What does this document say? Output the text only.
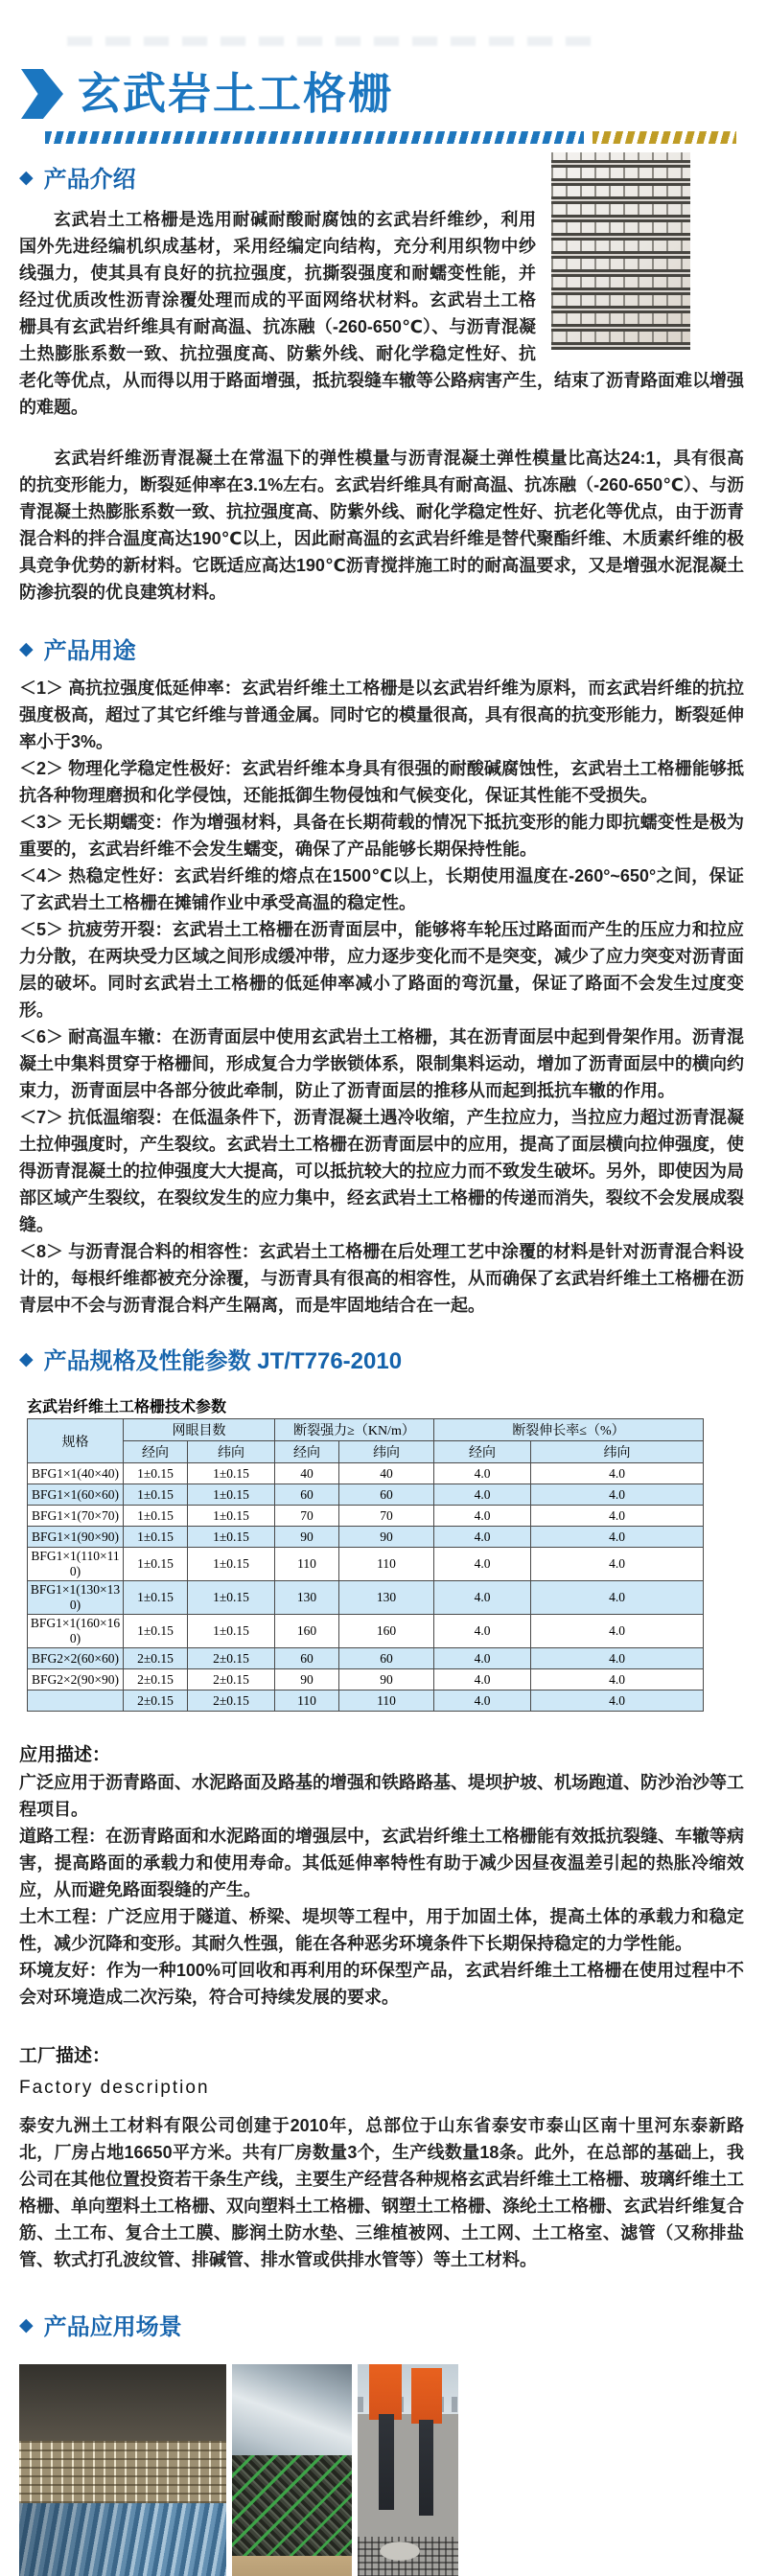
玄武岩土工格栅
◆ 产品介绍

玄武岩土工格栅是选用耐碱耐酸耐腐蚀的玄武岩纤维纱，利用国外先进经编机织成基材，采用经编定向结构，充分利用织物中纱线强力，使其具有良好的抗拉强度，抗撕裂强度和耐蠕变性能，并经过优质改性沥青涂覆处理而成的平面网络状材料。玄武岩土工格栅具有玄武岩纤维具有耐高温、抗冻融（-260-650℃）、与沥青混凝土热膨胀系数一致、抗拉强度高、防紫外线、耐化学稳定性好、抗老化等优点，从而得以用于路面增强，抵抗裂缝车辙等公路病害产生，结束了沥青路面难以增强的难题。

玄武岩纤维沥青混凝土在常温下的弹性模量与沥青混凝土弹性模量比高达24:1，具有很高的抗变形能力，断裂延伸率在3.1%左右。玄武岩纤维具有耐高温、抗冻融（-260-650℃）、与沥青混凝土热膨胀系数一致、抗拉强度高、防紫外线、耐化学稳定性好、抗老化等优点，由于沥青混合料的拌合温度高达190℃以上，因此耐高温的玄武岩纤维是替代聚酯纤维、木质素纤维的极具竞争优势的新材料。它既适应高达190℃沥青搅拌施工时的耐高温要求，又是增强水泥混凝土防渗抗裂的优良建筑材料。

◆ 产品用途
＜1＞ 高抗拉强度低延伸率：玄武岩纤维土工格栅是以玄武岩纤维为原料，而玄武岩纤维的抗拉强度极高，超过了其它纤维与普通金属。同时它的模量很高，具有很高的抗变形能力，断裂延伸率小于3%。
＜2＞ 物理化学稳定性极好：玄武岩纤维本身具有很强的耐酸碱腐蚀性，玄武岩土工格栅能够抵抗各种物理磨损和化学侵蚀，还能抵御生物侵蚀和气候变化，保证其性能不受损失。
＜3＞ 无长期蠕变：作为增强材料，具备在长期荷载的情况下抵抗变形的能力即抗蠕变性是极为重要的，玄武岩纤维不会发生蠕变，确保了产品能够长期保持性能。
＜4＞ 热稳定性好：玄武岩纤维的熔点在1500℃以上，长期使用温度在-260°~650°之间，保证了玄武岩土工格栅在摊铺作业中承受高温的稳定性。
＜5＞ 抗疲劳开裂：玄武岩土工格栅在沥青面层中，能够将车轮压过路面而产生的压应力和拉应力分散，在两块受力区域之间形成缓冲带，应力逐步变化而不是突变，减少了应力突变对沥青面层的破坏。同时玄武岩土工格栅的低延伸率减小了路面的弯沉量，保证了路面不会发生过度变形。
＜6＞ 耐高温车辙：在沥青面层中使用玄武岩土工格栅，其在沥青面层中起到骨架作用。沥青混凝土中集料贯穿于格栅间，形成复合力学嵌锁体系，限制集料运动，增加了沥青面层中的横向约束力，沥青面层中各部分彼此牵制，防止了沥青面层的推移从而起到抵抗车辙的作用。
＜7＞ 抗低温缩裂：在低温条件下，沥青混凝土遇冷收缩，产生拉应力，当拉应力超过沥青混凝土拉伸强度时，产生裂纹。玄武岩土工格栅在沥青面层中的应用，提高了面层横向拉伸强度，使得沥青混凝土的拉伸强度大大提高，可以抵抗较大的拉应力而不致发生破坏。另外，即使因为局部区域产生裂纹，在裂纹发生的应力集中，经玄武岩土工格栅的传递而消失，裂纹不会发展成裂缝。
＜8＞ 与沥青混合料的相容性：玄武岩土工格栅在后处理工艺中涂覆的材料是针对沥青混合料设计的，每根纤维都被充分涂覆，与沥青具有很高的相容性，从而确保了玄武岩纤维土工格栅在沥青层中不会与沥青混合料产生隔离，而是牢固地结合在一起。
◆ 产品规格及性能参数 JT/T776-2010
玄武岩纤维土工格栅技术参数
规格	网眼目数		断裂强力≥（KN/m）		断裂伸长率≤（%）	
	经向	纬向	经向	纬向	经向	纬向
BFG1×1(40×40)	1±0.15	1±0.15	40	40	4.0	4.0
BFG1×1(60×60)	1±0.15	1±0.15	60	60	4.0	4.0
BFG1×1(70×70)	1±0.15	1±0.15	70	70	4.0	4.0
BFG1×1(90×90)	1±0.15	1±0.15	90	90	4.0	4.0
BFG1×1(110×110)	1±0.15	1±0.15	110	110	4.0	4.0
BFG1×1(130×130)	1±0.15	1±0.15	130	130	4.0	4.0
BFG1×1(160×160)	1±0.15	1±0.15	160	160	4.0	4.0
BFG2×2(60×60)	2±0.15	2±0.15	60	60	4.0	4.0
BFG2×2(90×90)	2±0.15	2±0.15	90	90	4.0	4.0
	2±0.15	2±0.15	110	110	4.0	4.0
应用描述：

广泛应用于沥青路面、水泥路面及路基的增强和铁路路基、堤坝护坡、机场跑道、防沙治沙等工程项目。

道路工程：在沥青路面和水泥路面的增强层中，玄武岩纤维土工格栅能有效抵抗裂缝、车辙等病害，提高路面的承载力和使用寿命。其低延伸率特性有助于减少因昼夜温差引起的热胀冷缩效应，从而避免路面裂缝的产生。

土木工程：广泛应用于隧道、桥梁、堤坝等工程中，用于加固土体，提高土体的承载力和稳定性，减少沉降和变形。其耐久性强，能在各种恶劣环境条件下长期保持稳定的力学性能。

环境友好：作为一种100%可回收和再利用的环保型产品，玄武岩纤维土工格栅在使用过程中不会对环境造成二次污染，符合可持续发展的要求。

工厂描述：
Factory description

泰安九洲土工材料有限公司创建于2010年，总部位于山东省泰安市泰山区南十里河东泰新路北，厂房占地16650平方米。共有厂房数量3个，生产线数量18条。此外，在总部的基础上，我公司在其他位置投资若干条生产线，主要生产经营各种规格玄武岩纤维土工格栅、玻璃纤维土工格栅、单向塑料土工格栅、双向塑料土工格栅、钢塑土工格栅、涤纶土工格栅、玄武岩纤维复合筋、土工布、复合土工膜、膨润土防水垫、三维植被网、土工网、土工格室、滤管（又称排盐管、软式打孔波纹管、排碱管、排水管或供排水管等）等土工材料。

◆ 产品应用场景
